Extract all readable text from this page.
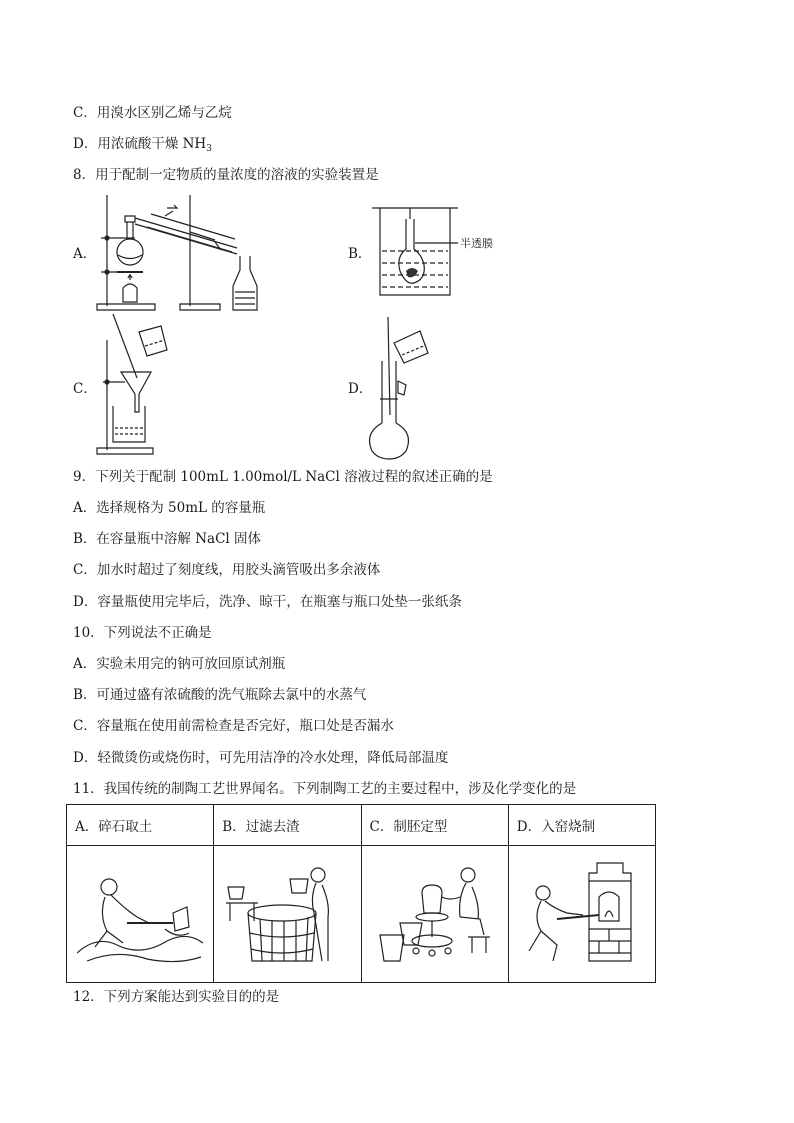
C．用溴水区别乙烯与乙烷
D．用浓硫酸干燥 $NH_3$
8．用于配制一定物质的量浓度的溶液的实验装置是
A．	B．
半透膜
C．	D．
9．下列关于配制 100mL 1.00mol/L NaCl 溶液过程的叙述正确的是
A．选择规格为 50mL 的容量瓶
B．在容量瓶中溶解 NaCl 固体
C．加水时超过了刻度线，用胶头滴管吸出多余液体
D．容量瓶使用完毕后，洗净、晾干，在瓶塞与瓶口处垫一张纸条
10．下列说法不正确是
A．实验未用完的钠可放回原试剂瓶
B．可通过盛有浓硫酸的洗气瓶除去氯中的水蒸气
C．容量瓶在使用前需检查是否完好，瓶口处是否漏水
D．轻微烫伤或烧伤时，可先用洁净的冷水处理，降低局部温度
11．我国传统的制陶工艺世界闻名。下列制陶工艺的主要过程中，涉及化学变化的是
A．碎石取土	B．过滤去渣	C．制胚定型	D．入窑烧制

12．下列方案能达到实验目的的是
